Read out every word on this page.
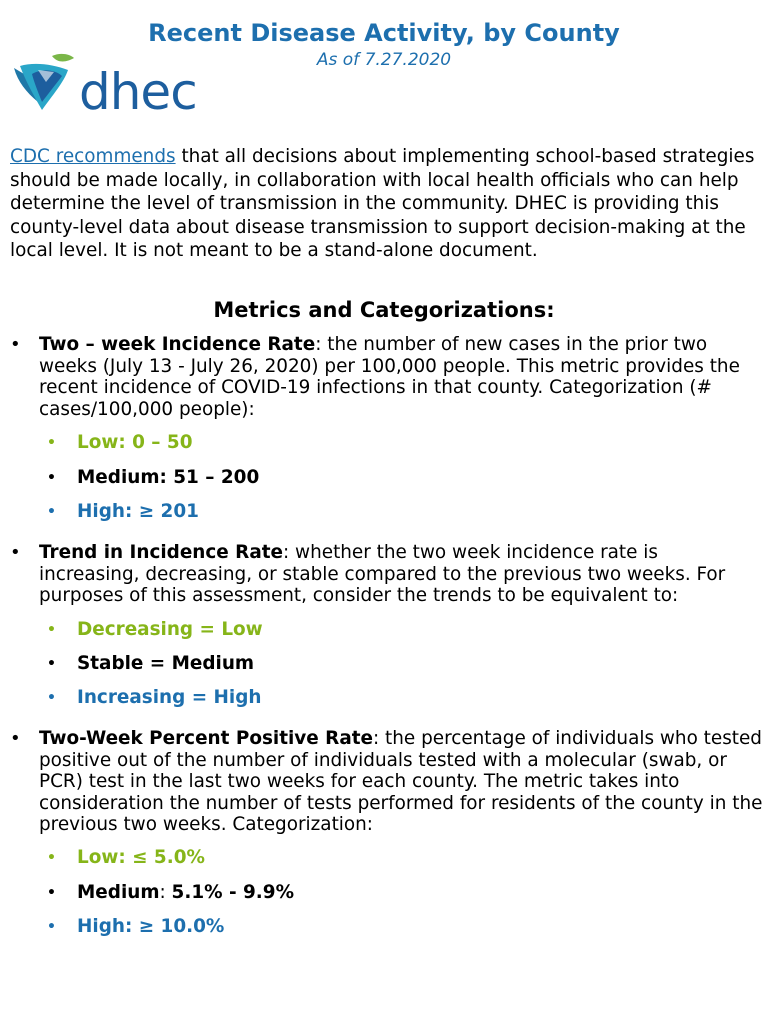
Recent Disease Activity, by County
As of 7.27.2020
dhec
CDC recommends that all decisions about implementing school-based strategies should be made locally, in collaboration with local health officials who can help determine the level of transmission in the community. DHEC is providing this county-level data about disease transmission to support decision-making at the local level. It is not meant to be a stand-alone document.
Metrics and Categorizations:
• Two – week Incidence Rate: the number of new cases in the prior two weeks (July 13 - July 26, 2020) per 100,000 people. This metric provides the recent incidence of COVID-19 infections in that county. Categorization (# cases/100,000 people):
• Low: 0 – 50
• Medium: 51 – 200
• High: ≥ 201
• Trend in Incidence Rate: whether the two week incidence rate is increasing, decreasing, or stable compared to the previous two weeks. For purposes of this assessment, consider the trends to be equivalent to:
• Decreasing = Low
• Stable = Medium
• Increasing = High
• Two-Week Percent Positive Rate: the percentage of individuals who tested positive out of the number of individuals tested with a molecular (swab, or PCR) test in the last two weeks for each county. The metric takes into consideration the number of tests performed for residents of the county in the previous two weeks. Categorization:
• Low: ≤ 5.0%
• Medium: 5.1% - 9.9%
• High: ≥ 10.0%
